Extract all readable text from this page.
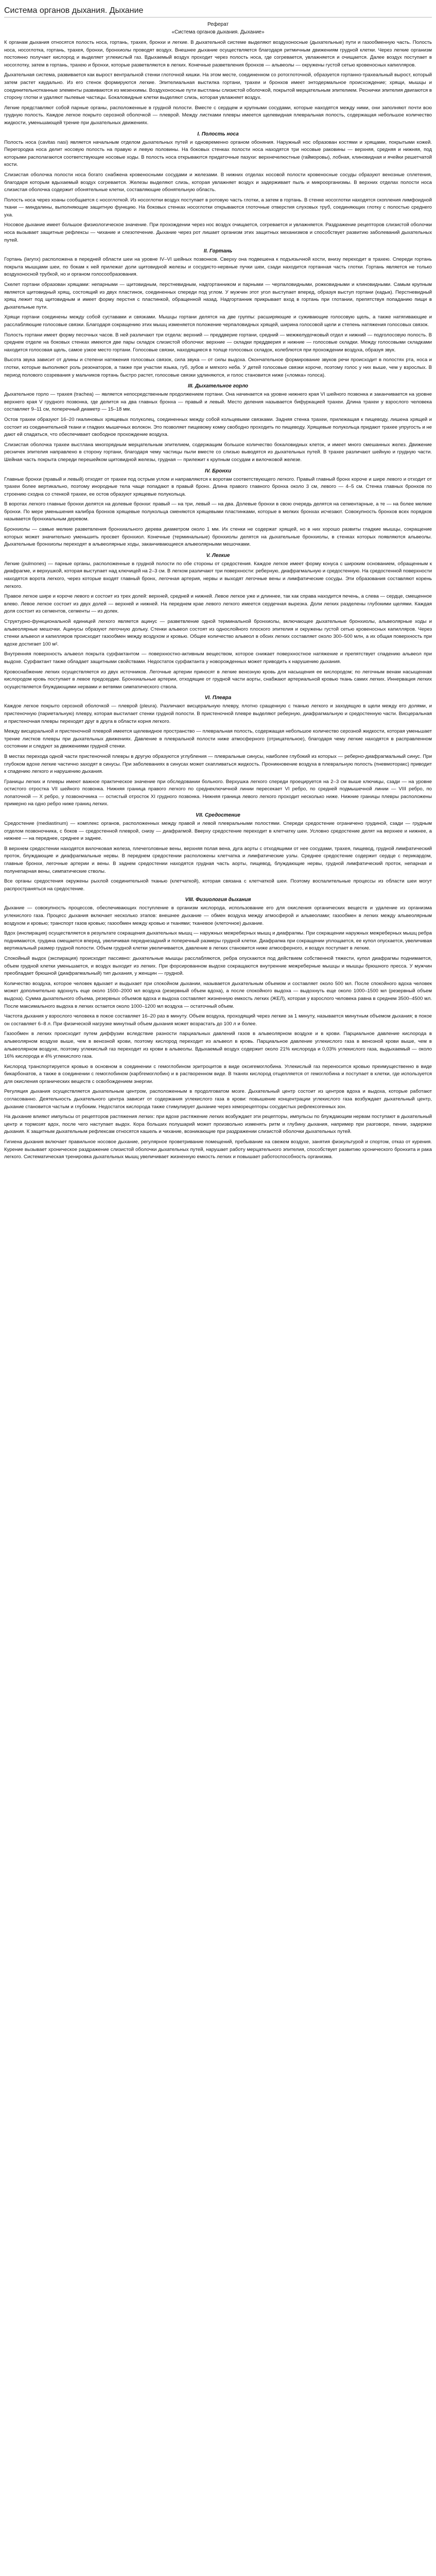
Система органов дыхания. Дыхание
Реферат
«Система органов дыхания. Дыхание»

К органам дыхания относятся полость носа, гортань, трахея, бронхи и легкие. В дыхательной системе выделяют воздухоносные (дыхательные) пути и газообменную часть. Полость носа, носоглотка, гортань, трахея, бронхи, бронхиолы проводят воздух. Внешнее дыхание осуществляется благодаря ритмичным движениям грудной клетки. Через легкие организм постоянно получает кислород и выделяет углекислый газ. Вдыхаемый воздух проходит через полость носа, где согревается, увлажняется и очищается. Далее воздух поступает в носоглотку, затем в гортань, трахею и бронхи, которые разветвляются в легких. Конечные разветвления бронхов — альвеолы — окружены густой сетью кровеносных капилляров.

Дыхательная система, развивается как вырост вентральной стенки глоточной кишки. На этом месте, соединенном со ротоглоточной, образуется гортанно-трахеальный вырост, который затем растет каудально. Из его стенок формируются легкие. Эпителиальная выстилка гортани, трахеи и бронхов имеет энтодермальное происхождение; хрящи, мышцы и соединительнотканные элементы развиваются из мезенхимы. Воздухоносные пути выстланы слизистой оболочкой, покрытой мерцательным эпителием. Реснички эпителия двигаются в сторону глотки и удаляют пылевые частицы. Бокаловидные клетки выделяют слизь, которая увлажняет воздух.

Легкие представляют собой парные органы, расположенные в грудной полости. Вместе с сердцем и крупными сосудами, которые находятся между ними, они заполняют почти всю грудную полость. Каждое легкое покрыто серозной оболочкой — плеврой. Между листками плевры имеется щелевидная плевральная полость, содержащая небольшое количество жидкости, уменьшающей трение при дыхательных движениях.

I. Полость носа

Полость носа (cavitas nasi) является начальным отделом дыхательных путей и одновременно органом обоняния. Наружный нос образован костями и хрящами, покрытыми кожей. Перегородка носа делит носовую полость на правую и левую половины. На боковых стенках полости носа находятся три носовые раковины — верхняя, средняя и нижняя, под которыми располагаются соответствующие носовые ходы. В полость носа открываются придаточные пазухи: верхнечелюстные (гайморовы), лобная, клиновидная и ячейки решетчатой кости.

Слизистая оболочка полости носа богато снабжена кровеносными сосудами и железами. В нижних отделах носовой полости кровеносные сосуды образуют венозные сплетения, благодаря которым вдыхаемый воздух согревается. Железы выделяют слизь, которая увлажняет воздух и задерживает пыль и микроорганизмы. В верхних отделах полости носа слизистая оболочка содержит обонятельные клетки, составляющие обонятельную область.

Полость носа через хоаны сообщается с носоглоткой. Из носоглотки воздух поступает в ротовую часть глотки, а затем в гортань. В стенке носоглотки находятся скопления лимфоидной ткани — миндалины, выполняющие защитную функцию. На боковых стенках носоглотки открываются глоточные отверстия слуховых труб, соединяющих глотку с полостью среднего уха.

Носовое дыхание имеет большое физиологическое значение. При прохождении через нос воздух очищается, согревается и увлажняется. Раздражение рецепторов слизистой оболочки носа вызывает защитные рефлексы — чихание и слезотечение. Дыхание через рот лишает организм этих защитных механизмов и способствует развитию заболеваний дыхательных путей.

II. Гортань

Гортань (larynx) расположена в передней области шеи на уровне IV–VI шейных позвонков. Сверху она подвешена к подъязычной кости, внизу переходит в трахею. Спереди гортань покрыта мышцами шеи, по бокам к ней прилежат доли щитовидной железы и сосудисто-нервные пучки шеи, сзади находится гортанная часть глотки. Гортань является не только воздухоносной трубкой, но и органом голосообразования.

Скелет гортани образован хрящами: непарными — щитовидным, перстневидным, надгортанником и парными — черпаловидными, рожковидными и клиновидными. Самым крупным является щитовидный хрящ, состоящий из двух пластинок, соединенных спереди под углом. У мужчин этот угол выступает вперед, образуя выступ гортани (кадык). Перстневидный хрящ лежит под щитовидным и имеет форму перстня с пластинкой, обращенной назад. Надгортанник прикрывает вход в гортань при глотании, препятствуя попаданию пищи в дыхательные пути.

Хрящи гортани соединены между собой суставами и связками. Мышцы гортани делятся на две группы: расширяющие и суживающие голосовую щель, а также натягивающие и расслабляющие голосовые связки. Благодаря сокращению этих мышц изменяется положение черпаловидных хрящей, ширина голосовой щели и степень натяжения голосовых связок.

Полость гортани имеет форму песочных часов. В ней различают три отдела: верхний — преддверие гортани, средний — межжелудочковый отдел и нижний — подголосовую полость. В среднем отделе на боковых стенках имеются две пары складок слизистой оболочки: верхние — складки преддверия и нижние — голосовые складки. Между голосовыми складками находится голосовая щель, самое узкое место гортани. Голосовые связки, находящиеся в толще голосовых складок, колеблются при прохождении воздуха, образуя звук.

Высота звука зависит от длины и степени натяжения голосовых связок, сила звука — от силы выдоха. Окончательное формирование звуков речи происходит в полостях рта, носа и глотки, которые выполняют роль резонаторов, а также при участии языка, губ, зубов и мягкого неба. У детей голосовые связки короче, поэтому голос у них выше, чем у взрослых. В период полового созревания у мальчиков гортань быстро растет, голосовые связки удлиняются, и голос становится ниже («ломка» голоса).

III. Дыхательное горло

Дыхательное горло — трахея (trachea) — является непосредственным продолжением гортани. Она начинается на уровне нижнего края VI шейного позвонка и заканчивается на уровне верхнего края V грудного позвонка, где делится на два главных бронха — правый и левый. Место деления называется бифуркацией трахеи. Длина трахеи у взрослого человека составляет 9–11 см, поперечный диаметр — 15–18 мм.

Остов трахеи образуют 16–20 гиалиновых хрящевых полуколец, соединенных между собой кольцевыми связками. Задняя стенка трахеи, прилежащая к пищеводу, лишена хрящей и состоит из соединительной ткани и гладких мышечных волокон. Это позволяет пищевому комку свободно проходить по пищеводу. Хрящевые полукольца придают трахее упругость и не дают ей спадаться, что обеспечивает свободное прохождение воздуха.

Слизистая оболочка трахеи выстлана многорядным мерцательным эпителием, содержащим большое количество бокаловидных клеток, и имеет много смешанных желез. Движение ресничек эпителия направлено в сторону гортани, благодаря чему частицы пыли вместе со слизью выводятся из дыхательных путей. В трахее различают шейную и грудную части. Шейная часть покрыта спереди перешейком щитовидной железы, грудная — прилежит к крупным сосудам и вилочковой железе.

IV. Бронхи

Главные бронхи (правый и левый) отходят от трахеи под острым углом и направляются к воротам соответствующего легкого. Правый главный бронх короче и шире левого и отходит от трахеи более вертикально, поэтому инородные тела чаще попадают в правый бронх. Длина правого главного бронха около 3 см, левого — 4–5 см. Стенка главных бронхов по строению сходна со стенкой трахеи, ее остов образуют хрящевые полукольца.

В воротах легкого главные бронхи делятся на долевые бронхи: правый — на три, левый — на два. Долевые бронхи в свою очередь делятся на сегментарные, а те — на более мелкие бронхи. По мере уменьшения калибра бронхов хрящевые полукольца сменяются хрящевыми пластинками, которые в мелких бронхах исчезают. Совокупность бронхов всех порядков называется бронхиальным деревом.

Бронхиолы — самые мелкие разветвления бронхиального дерева диаметром около 1 мм. Их стенки не содержат хрящей, но в них хорошо развиты гладкие мышцы, сокращение которых может значительно уменьшить просвет бронхиол. Конечные (терминальные) бронхиолы делятся на дыхательные бронхиолы, в стенках которых появляются альвеолы. Дыхательные бронхиолы переходят в альвеолярные ходы, заканчивающиеся альвеолярными мешочками.

V. Легкие

Легкие (pulmones) — парные органы, расположенные в грудной полости по обе стороны от средостения. Каждое легкое имеет форму конуса с широким основанием, обращенным к диафрагме, и верхушкой, которая выступает над ключицей на 2–3 см. В легком различают три поверхности: реберную, диафрагмальную и средостенную. На средостенной поверхности находятся ворота легкого, через которые входят главный бронх, легочная артерия, нервы и выходят легочные вены и лимфатические сосуды. Эти образования составляют корень легкого.

Правое легкое шире и короче левого и состоит из трех долей: верхней, средней и нижней. Левое легкое уже и длиннее, так как справа находится печень, а слева — сердце, смещенное влево. Левое легкое состоит из двух долей — верхней и нижней. На переднем крае левого легкого имеется сердечная вырезка. Доли легких разделены глубокими щелями. Каждая доля состоит из сегментов, сегменты — из долек.

Структурно-функциональной единицей легкого является ацинус — разветвление одной терминальной бронхиолы, включающее дыхательные бронхиолы, альвеолярные ходы и альвеолярные мешочки. Ацинусы образуют легочную дольку. Стенки альвеол состоят из однослойного плоского эпителия и окружены густой сетью кровеносных капилляров. Через стенки альвеол и капилляров происходит газообмен между воздухом и кровью. Общее количество альвеол в обоих легких составляет около 300–500 млн, а их общая поверхность при вдохе достигает 100 м².

Внутренняя поверхность альвеол покрыта сурфактантом — поверхностно-активным веществом, которое снижает поверхностное натяжение и препятствует спадению альвеол при выдохе. Сурфактант также обладает защитными свойствами. Недостаток сурфактанта у новорожденных может приводить к нарушению дыхания.

Кровоснабжение легких осуществляется из двух источников. Легочные артерии приносят в легкие венозную кровь для насыщения ее кислородом; по легочным венам насыщенная кислородом кровь поступает в левое предсердие. Бронхиальные артерии, отходящие от грудной части аорты, снабжают артериальной кровью ткань самих легких. Иннервация легких осуществляется блуждающими нервами и ветвями симпатического ствола.

VI. Плевра

Каждое легкое покрыто серозной оболочкой — плеврой (pleura). Различают висцеральную плевру, плотно сращенную с тканью легкого и заходящую в щели между его долями, и пристеночную (париетальную) плевру, которая выстилает стенки грудной полости. В пристеночной плевре выделяют реберную, диафрагмальную и средостенную части. Висцеральная и пристеночная плевры переходят друг в друга в области корня легкого.

Между висцеральной и пристеночной плеврой имеется щелевидное пространство — плевральная полость, содержащая небольшое количество серозной жидкости, которая уменьшает трение листков плевры при дыхательных движениях. Давление в плевральной полости ниже атмосферного (отрицательное), благодаря чему легкие находятся в расправленном состоянии и следуют за движениями грудной стенки.

В местах перехода одной части пристеночной плевры в другую образуются углубления — плевральные синусы, наиболее глубокий из которых — реберно-диафрагмальный синус. При глубоком вдохе легкие частично заходят в синусы. При заболеваниях в синусах может скапливаться жидкость. Проникновение воздуха в плевральную полость (пневмоторакс) приводит к спадению легкого и нарушению дыхания.

Границы легких и плевры имеют важное практическое значение при обследовании больного. Верхушка легкого спереди проецируется на 2–3 см выше ключицы, сзади — на уровне остистого отростка VII шейного позвонка. Нижняя граница правого легкого по среднеключичной линии пересекает VI ребро, по средней подмышечной линии — VIII ребро, по лопаточной — X ребро, у позвоночника — остистый отросток XI грудного позвонка. Нижняя граница левого легкого проходит несколько ниже. Нижние границы плевры расположены примерно на одно ребро ниже границ легких.

VII. Средостение

Средостение (mediastinum) — комплекс органов, расположенных между правой и левой плевральными полостями. Спереди средостение ограничено грудиной, сзади — грудным отделом позвоночника, с боков — средостенной плеврой, снизу — диафрагмой. Вверху средостение переходит в клетчатку шеи. Условно средостение делят на верхнее и нижнее, а нижнее — на переднее, среднее и заднее.

В верхнем средостении находятся вилочковая железа, плечеголовные вены, верхняя полая вена, дуга аорты с отходящими от нее сосудами, трахея, пищевод, грудной лимфатический проток, блуждающие и диафрагмальные нервы. В переднем средостении расположены клетчатка и лимфатические узлы. Среднее средостение содержит сердце с перикардом, главные бронхи, легочные артерии и вены. В заднем средостении находятся грудная часть аорты, пищевод, блуждающие нервы, грудной лимфатический проток, непарная и полунепарная вены, симпатические стволы.

Все органы средостения окружены рыхлой соединительной тканью (клетчаткой), которая связана с клетчаткой шеи. Поэтому воспалительные процессы из области шеи могут распространяться на средостение.

VIII. Физиология дыхания

Дыхание — совокупность процессов, обеспечивающих поступление в организм кислорода, использование его для окисления органических веществ и удаление из организма углекислого газа. Процесс дыхания включает несколько этапов: внешнее дыхание — обмен воздуха между атмосферой и альвеолами; газообмен в легких между альвеолярным воздухом и кровью; транспорт газов кровью; газообмен между кровью и тканями; тканевое (клеточное) дыхание.

Вдох (инспирация) осуществляется в результате сокращения дыхательных мышц — наружных межреберных мышц и диафрагмы. При сокращении наружных межреберных мышц ребра поднимаются, грудина смещается вперед, увеличивая переднезадний и поперечный размеры грудной клетки. Диафрагма при сокращении уплощается, ее купол опускается, увеличивая вертикальный размер грудной полости. Объем грудной клетки увеличивается, давление в легких становится ниже атмосферного, и воздух поступает в легкие.

Спокойный выдох (экспирация) происходит пассивно: дыхательные мышцы расслабляются, ребра опускаются под действием собственной тяжести, купол диафрагмы поднимается, объем грудной клетки уменьшается, и воздух выходит из легких. При форсированном выдохе сокращаются внутренние межреберные мышцы и мышцы брюшного пресса. У мужчин преобладает брюшной (диафрагмальный) тип дыхания, у женщин — грудной.

Количество воздуха, которое человек вдыхает и выдыхает при спокойном дыхании, называется дыхательным объемом и составляет около 500 мл. После спокойного вдоха человек может дополнительно вдохнуть еще около 1500–2000 мл воздуха (резервный объем вдоха), а после спокойного выдоха — выдохнуть еще около 1000–1500 мл (резервный объем выдоха). Сумма дыхательного объема, резервных объемов вдоха и выдоха составляет жизненную емкость легких (ЖЕЛ), которая у взрослого человека равна в среднем 3500–4500 мл. После максимального выдоха в легких остается около 1000–1200 мл воздуха — остаточный объем.

Частота дыхания у взрослого человека в покое составляет 16–20 раз в минуту. Объем воздуха, проходящий через легкие за 1 минуту, называется минутным объемом дыхания; в покое он составляет 6–8 л. При физической нагрузке минутный объем дыхания может возрастать до 100 л и более.

Газообмен в легких происходит путем диффузии вследствие разности парциальных давлений газов в альвеолярном воздухе и в крови. Парциальное давление кислорода в альвеолярном воздухе выше, чем в венозной крови, поэтому кислород переходит из альвеол в кровь. Парциальное давление углекислого газа в венозной крови выше, чем в альвеолярном воздухе, поэтому углекислый газ переходит из крови в альвеолы. Вдыхаемый воздух содержит около 21% кислорода и 0,03% углекислого газа, выдыхаемый — около 16% кислорода и 4% углекислого газа.

Кислород транспортируется кровью в основном в соединении с гемоглобином эритроцитов в виде оксигемоглобина. Углекислый газ переносится кровью преимущественно в виде бикарбонатов, а также в соединении с гемоглобином (карбгемоглобин) и в растворенном виде. В тканях кислород отщепляется от гемоглобина и поступает в клетки, где используется для окисления органических веществ с освобождением энергии.

Регуляция дыхания осуществляется дыхательным центром, расположенным в продолговатом мозге. Дыхательный центр состоит из центров вдоха и выдоха, которые работают согласованно. Деятельность дыхательного центра зависит от содержания углекислого газа в крови: повышение концентрации углекислого газа возбуждает дыхательный центр, дыхание становится частым и глубоким. Недостаток кислорода также стимулирует дыхание через хеморецепторы сосудистых рефлексогенных зон.

На дыхание влияют импульсы от рецепторов растяжения легких: при вдохе растяжение легких возбуждает эти рецепторы, импульсы по блуждающим нервам поступают в дыхательный центр и тормозят вдох, после чего наступает выдох. Кора больших полушарий может произвольно изменять ритм и глубину дыхания, например при разговоре, пении, задержке дыхания. К защитным дыхательным рефлексам относятся кашель и чихание, возникающие при раздражении слизистой оболочки дыхательных путей.

Гигиена дыхания включает правильное носовое дыхание, регулярное проветривание помещений, пребывание на свежем воздухе, занятия физкультурой и спортом, отказ от курения. Курение вызывает хроническое раздражение слизистой оболочки дыхательных путей, нарушает работу мерцательного эпителия, способствует развитию хронического бронхита и рака легкого. Систематическая тренировка дыхательных мышц увеличивает жизненную емкость легких и повышает работоспособность организма.
